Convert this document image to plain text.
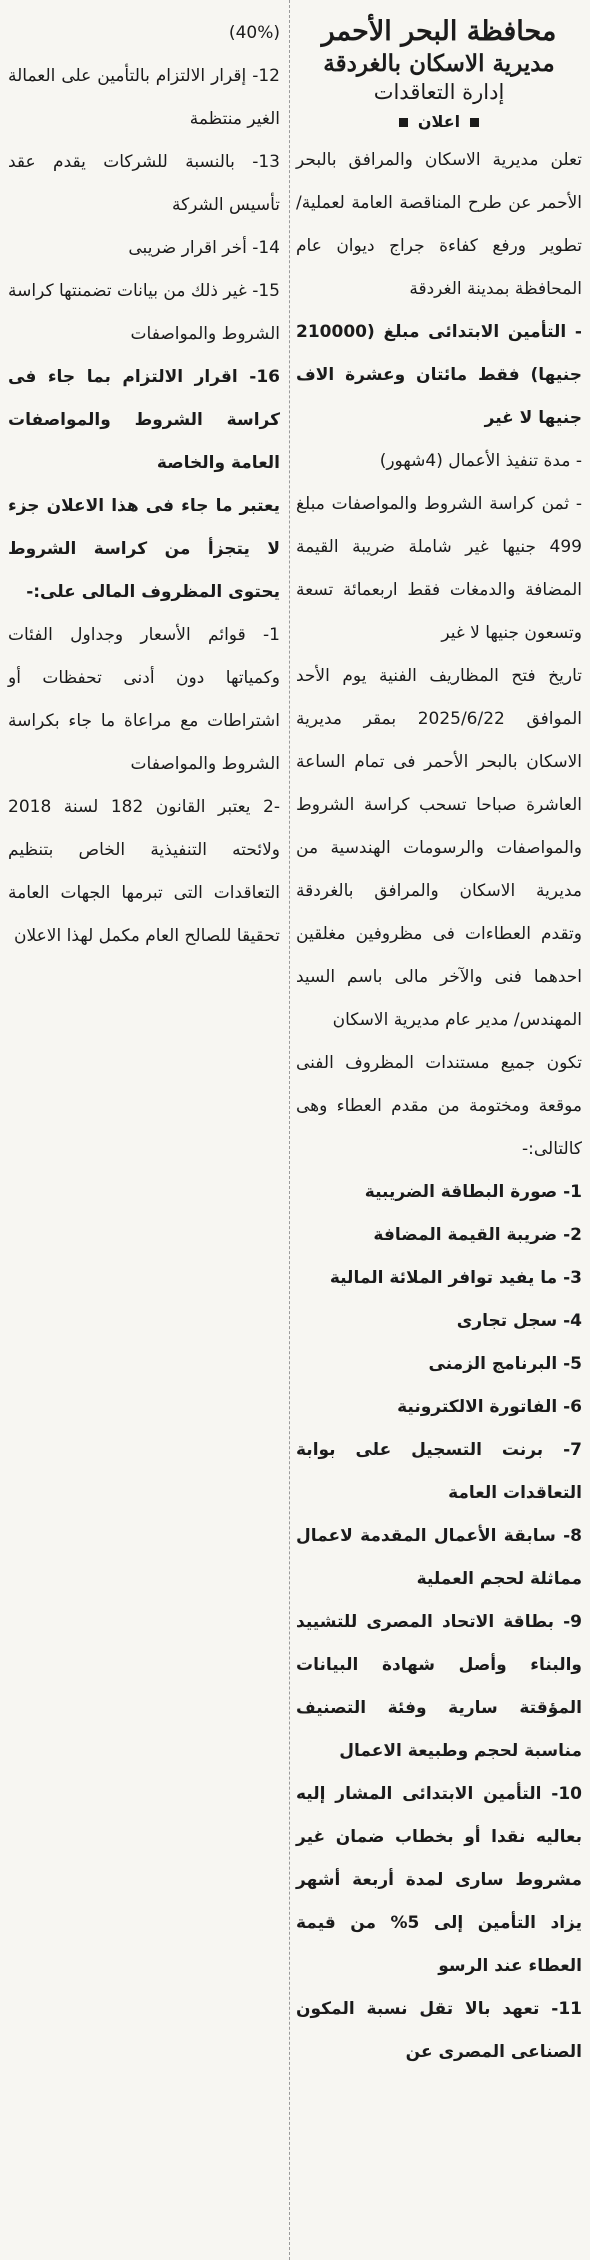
محافظة البحر الأحمر
مديرية الاسكان بالغردقة
إدارة التعاقدات
اعلان

تعلن مديرية الاسكان والمرافق بالبحر الأحمر عن طرح المناقصة العامة لعملية/ تطوير ورفع كفاءة جراج ديوان عام المحافظة بمدينة الغردقة

- التأمين الابتدائى مبلغ (210000 جنيها) فقط مائتان وعشرة الاف جنيها لا غير

- مدة تنفيذ الأعمال (4شهور)

- ثمن كراسة الشروط والمواصفات مبلغ 499 جنيها غير شاملة ضريبة القيمة المضافة والدمغات فقط اربعمائة تسعة وتسعون جنيها لا غير

تاريخ فتح المظاريف الفنية يوم الأحد الموافق 2025/6/22 بمقر مديرية الاسكان بالبحر الأحمر فى تمام الساعة العاشرة صباحا تسحب كراسة الشروط والمواصفات والرسومات الهندسية من مديرية الاسكان والمرافق بالغردقة وتقدم العطاءات فى مظروفين مغلقين احدهما فنى والآخر مالى باسم السيد المهندس/ مدير عام مديرية الاسكان

تكون جميع مستندات المظروف الفنى موقعة ومختومة من مقدم العطاء وهى كالتالى:-

1- صورة البطاقة الضريبية

2- ضريبة القيمة المضافة

3- ما يفيد توافر الملائة المالية

4- سجل تجارى

5- البرنامج الزمنى

6- الفاتورة الالكترونية

7- برنت التسجيل على بوابة التعاقدات العامة

8- سابقة الأعمال المقدمة لاعمال مماثلة لحجم العملية

9- بطاقة الاتحاد المصرى للتشييد والبناء وأصل شهادة البيانات المؤقتة سارية وفئة التصنيف مناسبة لحجم وطبيعة الاعمال

10- التأمين الابتدائى المشار إليه بعاليه نقدا أو بخطاب ضمان غير مشروط سارى لمدة أربعة أشهر يزاد التأمين إلى 5% من قيمة العطاء عند الرسو

11- تعهد بالا تقل نسبة المكون الصناعى المصرى عن

(40%)

12- إقرار الالتزام بالتأمين على العمالة الغير منتظمة

13- بالنسبة للشركات يقدم عقد تأسيس الشركة

14- أخر اقرار ضريبى

15- غير ذلك من بيانات تضمنتها كراسة الشروط والمواصفات

16- اقرار الالتزام بما جاء فى كراسة الشروط والمواصفات العامة والخاصة

يعتبر ما جاء فى هذا الاعلان جزء لا يتجزأ من كراسة الشروط يحتوى المظروف المالى على:-

1- قوائم الأسعار وجداول الفئات وكمياتها دون أدنى تحفظات أو اشتراطات مع مراعاة ما جاء بكراسة الشروط والمواصفات

-2 يعتبر القانون 182 لسنة 2018 ولائحته التنفيذية الخاص بتنظيم التعاقدات التى تبرمها الجهات العامة تحقيقا للصالح العام مكمل لهذا الاعلان
